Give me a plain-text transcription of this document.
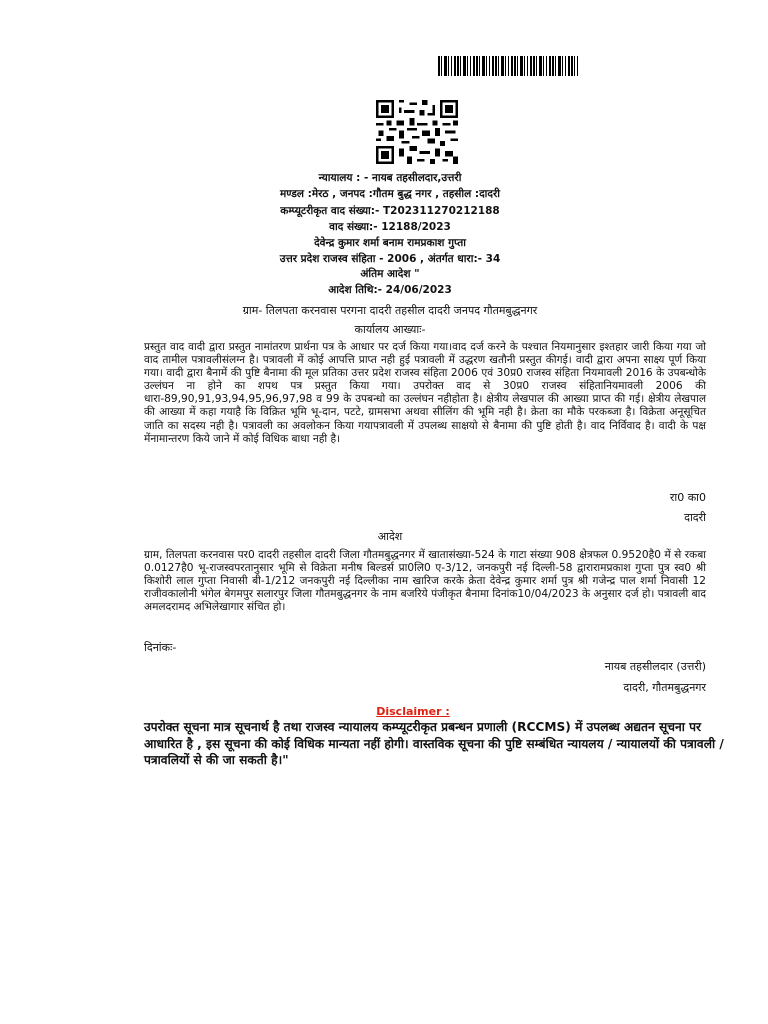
न्यायालय : - नायब तहसीलदार,उत्तरी
मण्डल :मेरठ , जनपद :गौतम बुद्ध नगर , तहसील :दादरी
कम्प्यूटरीकृत वाद संख्या:- T202311270212188
वाद संख्या:- 12188/2023
देवेन्द्र कुमार शर्मा बनाम रामप्रकाश गुप्ता
उत्तर प्रदेश राजस्व संहिता - 2006 , अंतर्गत धारा:- 34
अंतिम आदेश "
आदेश तिथि:- 24/06/2023
ग्राम- तिलपता करनवास परगना दादरी तहसील दादरी जनपद गौतमबुद्धनगर
कार्यालय आख्याः-
प्रस्तुत वाद वादी द्वारा प्रस्तुत नामांतरण प्रार्थना पत्र के आधार पर दर्ज किया गया।वाद दर्ज करने के पश्चात नियमानुसार इश्तहार जारी किया गया जो वाद तामील पत्रावलीसंलग्न है। पत्रावली में कोई आपत्ति प्राप्त नही हुई पत्रावली में उद्धरण खतौनी प्रस्तुत कीगई। वादी द्वारा अपना साक्ष्य पूर्ण किया गया। वादी द्वारा बैनामें की पुष्टि बैनामा की मूल प्रतिका उत्तर प्रदेश राजस्व संहिता 2006 एवं 30प्र0 राजस्व संहिता नियमावली 2016 के उपबन्धोके उल्लंघन ना होने का शपथ पत्र प्रस्तुत किया गया। उपरोक्त वाद से 30प्र0 राजस्व संहितानियमावली 2006 की धारा-89,90,91,93,94,95,96,97,98 व 99 के उपबन्धो का उल्लंघन नहीहोता है। क्षेत्रीय लेखपाल की आख्या प्राप्त की गई। क्षेत्रीय लेखपाल की आख्या में कहा गयाहै कि विक्रित भूमि भू-दान, पटटे, ग्रामसभा अथवा सीलिंग की भूमि नही है। क्रेता का मौके परकब्जा है। विक्रेता अनूसूचित जाति का सदस्य नही है। पत्रावली का अवलोकन किया गयापत्रावली में उपलब्ध साक्षयो से बैनामा की पुष्टि होती है। वाद निर्विवाद है। वादी के पक्ष मेंनामान्तरण किये जाने में कोई विधिक बाधा नही है।
रा0 का0
दादरी
आदेश
ग्राम, तिलपता करनवास पर0 दादरी तहसील दादरी जिला गौतमबुद्धनगर में खातासंख्या-524 के गाटा संख्या 908 क्षेत्रफल 0.9520है0 में से रकबा 0.0127है0 भू-राजस्वपरतानुसार भूमि से विक्रेता मनीष बिल्डर्स प्रा0लि0 ए-3/12, जनकपुरी नई दिल्ली-58 द्वारारामप्रकाश गुप्ता पुत्र स्व0 श्री किशोरी लाल गुप्ता निवासी बी-1/212 जनकपुरी नई दिल्लीका नाम खारिज करके क्रेता देवेन्द्र कुमार शर्मा पुत्र श्री गजेन्द्र पाल शर्मा निवासी 12 राजीवकालोनी भंगेल बेगमपुर सलारपुर जिला गौतमबुद्धनगर के नाम बजरिये पंजीकृत बैनामा दिनांक10/04/2023 के अनुसार दर्ज हो। पत्रावली बाद अमलदरामद अभिलेखागार संचित हो।
दिनांकः-
नायब तहसीलदार (उत्तरी)
दादरी, गौतमबुद्धनगर
Disclaimer :
उपरोक्त सूचना मात्र सूचनार्थ है तथा राजस्व न्यायालय कम्प्यूटरीकृत प्रबन्धन प्रणाली (RCCMS) में उपलब्ध अद्यतन सूचना पर आधारित है , इस सूचना की कोई विधिक मान्यता नहीं होगी। वास्तविक सूचना की पुष्टि सम्बंधित न्यायलय / न्यायालयों की पत्रावली / पत्रावलियों से की जा सकती है।"
